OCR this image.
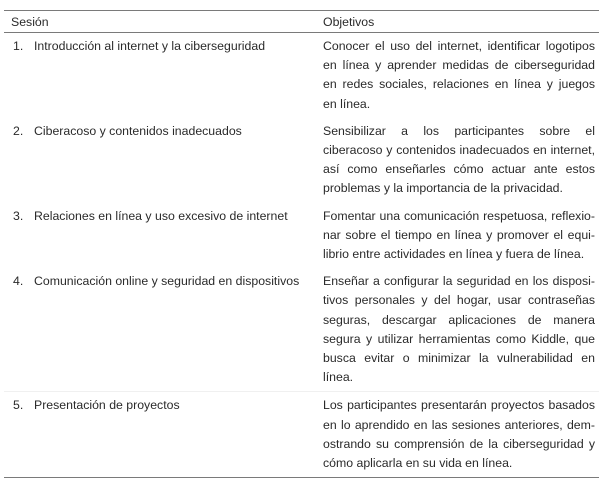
Sesión	Objetivos
1. Introducción al internet y la ciberseguridad	Conocer el uso del internet, identificar logotipos en línea y aprender medidas de ciberseguridad en redes sociales, relaciones en línea y juegos en línea.
2. Ciberacoso y contenidos inadecuados	Sensibilizar a los participantes sobre el ciberacoso y contenidos inadecuados en internet, así como enseñarles cómo actuar ante estos problemas y la importancia de la privacidad.
3. Relaciones en línea y uso excesivo de internet	Fomentar una comunicación respetuosa, reflexionar sobre el tiempo en línea y promover el equilibrio entre actividades en línea y fuera de línea.
4. Comunicación online y seguridad en dispositivos	Enseñar a configurar la seguridad en los dispositivos personales y del hogar, usar contraseñas seguras, descargar aplicaciones de manera segura y utilizar herramientas como Kiddle, que busca evitar o minimizar la vulnerabilidad en línea.
5. Presentación de proyectos	Los participantes presentarán proyectos basados en lo aprendido en las sesiones anteriores, demostrando su comprensión de la ciberseguridad y cómo aplicarla en su vida en línea.
